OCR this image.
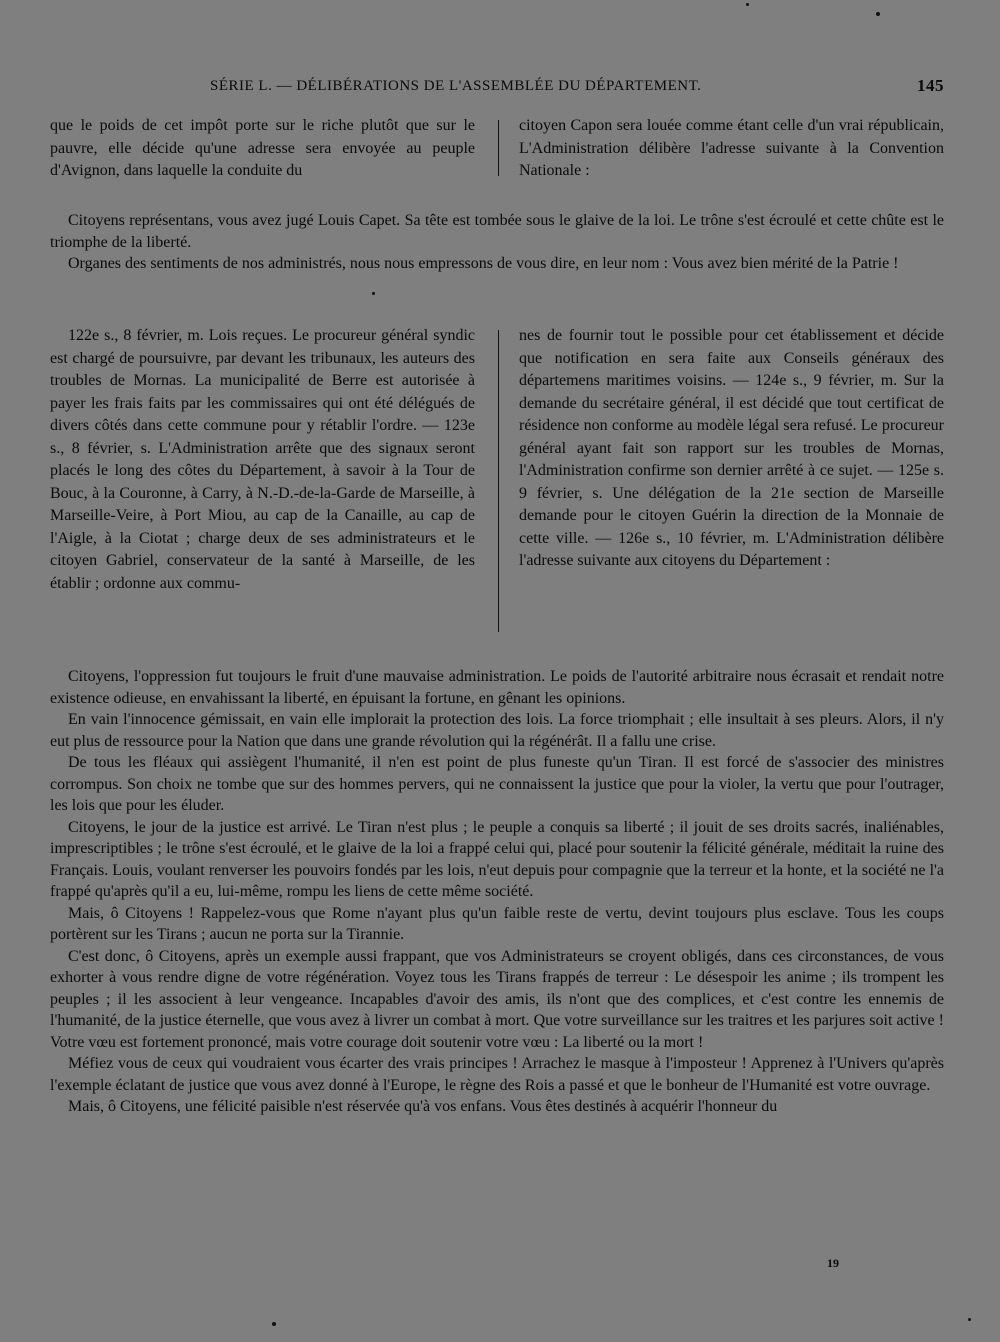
SÉRIE L. — DÉLIBÉRATIONS DE L'ASSEMBLÉE DU DÉPARTEMENT.	145

que le poids de cet impôt porte sur le riche plutôt que sur le pauvre, elle décide qu'une adresse sera envoyée au peuple d'Avignon, dans laquelle la conduite du

citoyen Capon sera louée comme étant celle d'un vrai républicain, L'Administration délibère l'adresse suivante à la Convention Nationale :

Citoyens représentans, vous avez jugé Louis Capet. Sa tête est tombée sous le glaive de la loi. Le trône s'est écroulé et cette chûte est le triomphe de la liberté.

Organes des sentiments de nos administrés, nous nous empressons de vous dire, en leur nom : Vous avez bien mérité de la Patrie !

122e s., 8 février, m. Lois reçues. Le procureur général syndic est chargé de poursuivre, par devant les tribunaux, les auteurs des troubles de Mornas. La municipalité de Berre est autorisée à payer les frais faits par les commissaires qui ont été délégués de divers côtés dans cette commune pour y rétablir l'ordre. — 123e s., 8 février, s. L'Administration arrête que des signaux seront placés le long des côtes du Département, à savoir à la Tour de Bouc, à la Couronne, à Carry, à N.-D.-de-la-Garde de Marseille, à Marseille-Veire, à Port Miou, au cap de la Canaille, au cap de l'Aigle, à la Ciotat ; charge deux de ses administrateurs et le citoyen Gabriel, conservateur de la santé à Marseille, de les établir ; ordonne aux commu-

nes de fournir tout le possible pour cet établissement et décide que notification en sera faite aux Conseils généraux des départemens maritimes voisins. — 124e s., 9 février, m. Sur la demande du secrétaire général, il est décidé que tout certificat de résidence non conforme au modèle légal sera refusé. Le procureur général ayant fait son rapport sur les troubles de Mornas, l'Administration confirme son dernier arrêté à ce sujet. — 125e s. 9 février, s. Une délégation de la 21e section de Marseille demande pour le citoyen Guérin la direction de la Monnaie de cette ville. — 126e s., 10 février, m. L'Administration délibère l'adresse suivante aux citoyens du Département :

Citoyens, l'oppression fut toujours le fruit d'une mauvaise administration. Le poids de l'autorité arbitraire nous écrasait et rendait notre existence odieuse, en envahissant la liberté, en épuisant la fortune, en gênant les opinions.

En vain l'innocence gémissait, en vain elle implorait la protection des lois. La force triomphait ; elle insultait à ses pleurs. Alors, il n'y eut plus de ressource pour la Nation que dans une grande révolution qui la régénérât. Il a fallu une crise.

De tous les fléaux qui assiègent l'humanité, il n'en est point de plus funeste qu'un Tiran. Il est forcé de s'associer des ministres corrompus. Son choix ne tombe que sur des hommes pervers, qui ne connaissent la justice que pour la violer, la vertu que pour l'outrager, les lois que pour les éluder.

Citoyens, le jour de la justice est arrivé. Le Tiran n'est plus ; le peuple a conquis sa liberté ; il jouit de ses droits sacrés, inaliénables, imprescriptibles ; le trône s'est écroulé, et le glaive de la loi a frappé celui qui, placé pour soutenir la félicité générale, méditait la ruine des Français. Louis, voulant renverser les pouvoirs fondés par les lois, n'eut depuis pour compagnie que la terreur et la honte, et la société ne l'a frappé qu'après qu'il a eu, lui-même, rompu les liens de cette même société.

Mais, ô Citoyens ! Rappelez-vous que Rome n'ayant plus qu'un faible reste de vertu, devint toujours plus esclave. Tous les coups portèrent sur les Tirans ; aucun ne porta sur la Tirannie.

C'est donc, ô Citoyens, après un exemple aussi frappant, que vos Administrateurs se croyent obligés, dans ces circonstances, de vous exhorter à vous rendre digne de votre régénération. Voyez tous les Tirans frappés de terreur : Le désespoir les anime ; ils trompent les peuples ; il les associent à leur vengeance. Incapables d'avoir des amis, ils n'ont que des complices, et c'est contre les ennemis de l'humanité, de la justice éternelle, que vous avez à livrer un combat à mort. Que votre surveillance sur les traitres et les parjures soit active ! Votre vœu est fortement prononcé, mais votre courage doit soutenir votre vœu : La liberté ou la mort !

Méfiez vous de ceux qui voudraient vous écarter des vrais principes ! Arrachez le masque à l'imposteur ! Apprenez à l'Univers qu'après l'exemple éclatant de justice que vous avez donné à l'Europe, le règne des Rois a passé et que le bonheur de l'Humanité est votre ouvrage.

Mais, ô Citoyens, une félicité paisible n'est réservée qu'à vos enfans. Vous êtes destinés à acquérir l'honneur du

19
